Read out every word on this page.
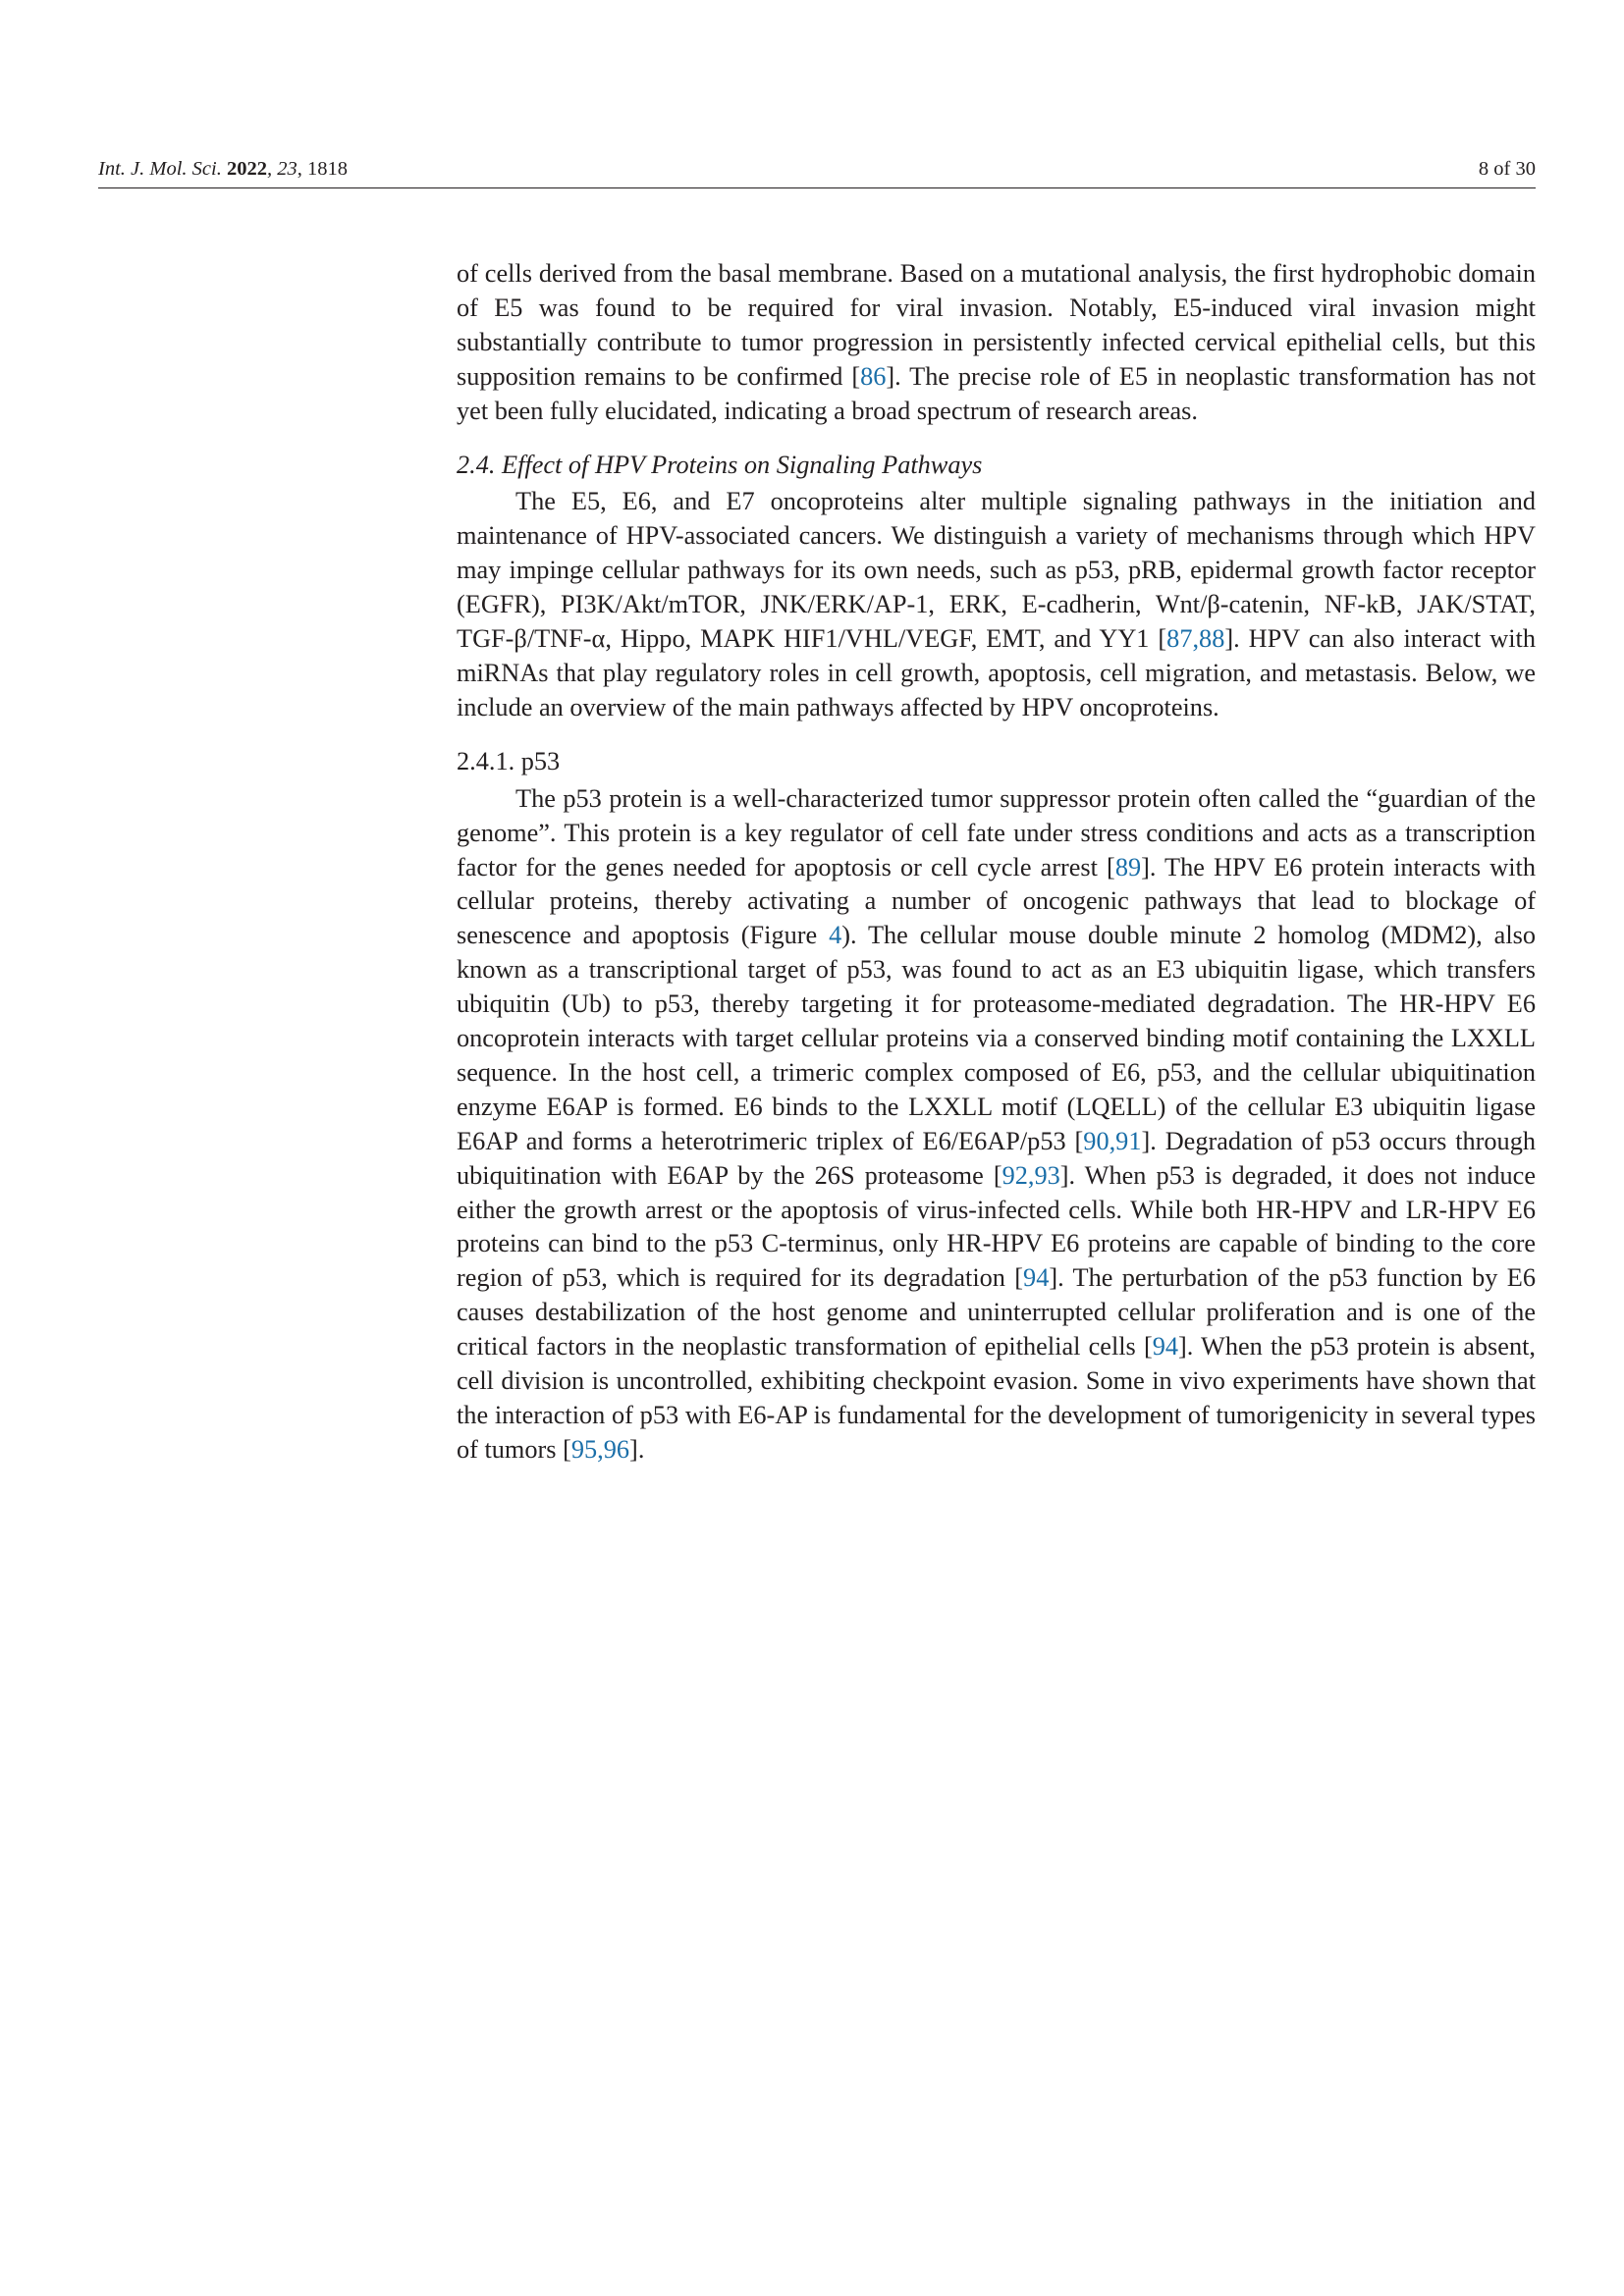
Int. J. Mol. Sci. 2022, 23, 1818	8 of 30

of cells derived from the basal membrane. Based on a mutational analysis, the first hydrophobic domain of E5 was found to be required for viral invasion. Notably, E5-induced viral invasion might substantially contribute to tumor progression in persistently infected cervical epithelial cells, but this supposition remains to be confirmed [86]. The precise role of E5 in neoplastic transformation has not yet been fully elucidated, indicating a broad spectrum of research areas.

2.4. Effect of HPV Proteins on Signaling Pathways

The E5, E6, and E7 oncoproteins alter multiple signaling pathways in the initiation and maintenance of HPV-associated cancers. We distinguish a variety of mechanisms through which HPV may impinge cellular pathways for its own needs, such as p53, pRB, epidermal growth factor receptor (EGFR), PI3K/Akt/mTOR, JNK/ERK/AP-1, ERK, E-cadherin, Wnt/β-catenin, NF-kB, JAK/STAT, TGF-β/TNF-α, Hippo, MAPK HIF1/VHL/VEGF, EMT, and YY1 [87,88]. HPV can also interact with miRNAs that play regulatory roles in cell growth, apoptosis, cell migration, and metastasis. Below, we include an overview of the main pathways affected by HPV oncoproteins.

2.4.1. p53

The p53 protein is a well-characterized tumor suppressor protein often called the “guardian of the genome”. This protein is a key regulator of cell fate under stress conditions and acts as a transcription factor for the genes needed for apoptosis or cell cycle arrest [89]. The HPV E6 protein interacts with cellular proteins, thereby activating a number of oncogenic pathways that lead to blockage of senescence and apoptosis (Figure 4). The cellular mouse double minute 2 homolog (MDM2), also known as a transcriptional target of p53, was found to act as an E3 ubiquitin ligase, which transfers ubiquitin (Ub) to p53, thereby targeting it for proteasome-mediated degradation. The HR-HPV E6 oncoprotein interacts with target cellular proteins via a conserved binding motif containing the LXXLL sequence. In the host cell, a trimeric complex composed of E6, p53, and the cellular ubiquitination enzyme E6AP is formed. E6 binds to the LXXLL motif (LQELL) of the cellular E3 ubiquitin ligase E6AP and forms a heterotrimeric triplex of E6/E6AP/p53 [90,91]. Degradation of p53 occurs through ubiquitination with E6AP by the 26S proteasome [92,93]. When p53 is degraded, it does not induce either the growth arrest or the apoptosis of virus-infected cells. While both HR-HPV and LR-HPV E6 proteins can bind to the p53 C-terminus, only HR-HPV E6 proteins are capable of binding to the core region of p53, which is required for its degradation [94]. The perturbation of the p53 function by E6 causes destabilization of the host genome and uninterrupted cellular proliferation and is one of the critical factors in the neoplastic transformation of epithelial cells [94]. When the p53 protein is absent, cell division is uncontrolled, exhibiting checkpoint evasion. Some in vivo experiments have shown that the interaction of p53 with E6-AP is fundamental for the development of tumorigenicity in several types of tumors [95,96].
